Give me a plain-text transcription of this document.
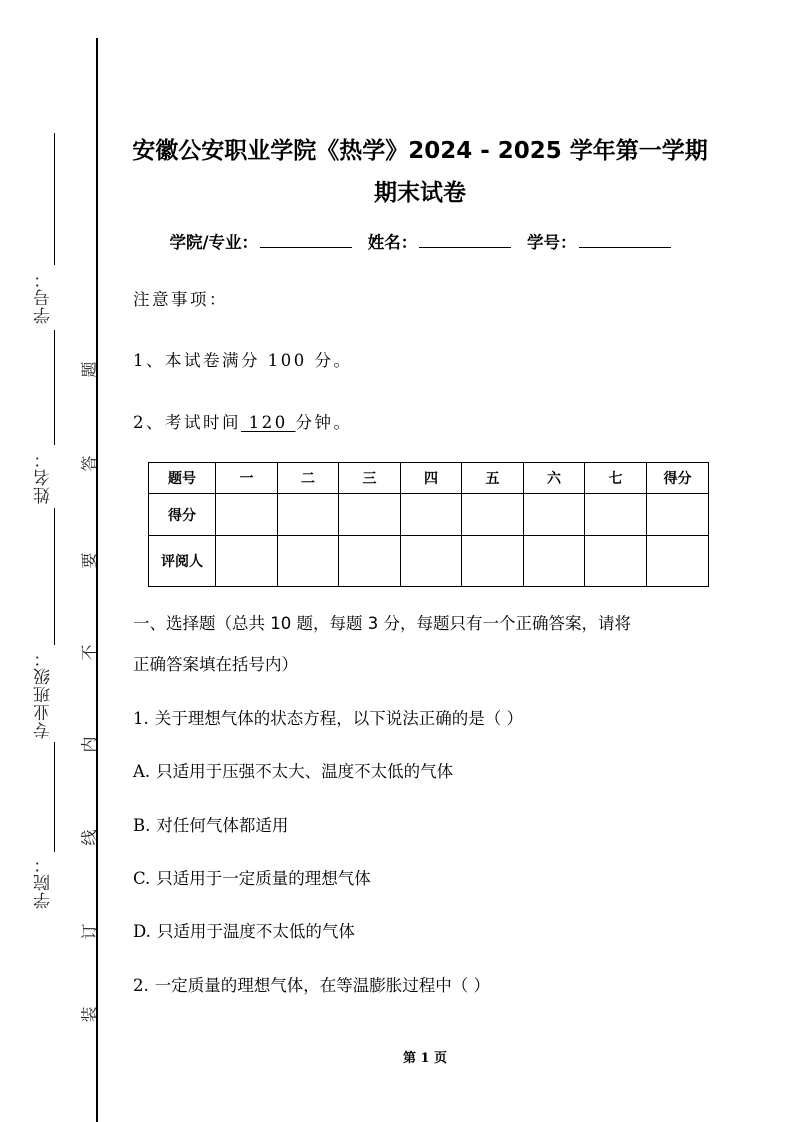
学号：
姓名：
专业班级：
学院：
题
答
要
不
内
线
订
装
安徽公安职业学院《热学》2024 - 2025 学年第一学期
期末试卷
学院/专业：	姓名：	学号：
注意事项：
1、本试卷满分 100 分。
2、考试时间 120 分钟。
题号	一	二	三	四	五	六	七	得分
得分								
评阅人								
一、选择题（总共 10 题，每题 3 分，每题只有一个正确答案，请将
正确答案填在括号内）
1. 关于理想气体的状态方程，以下说法正确的是（ ）
A. 只适用于压强不太大、温度不太低的气体
B. 对任何气体都适用
C. 只适用于一定质量的理想气体
D. 只适用于温度不太低的气体
2. 一定质量的理想气体，在等温膨胀过程中（ ）
第 1 页
